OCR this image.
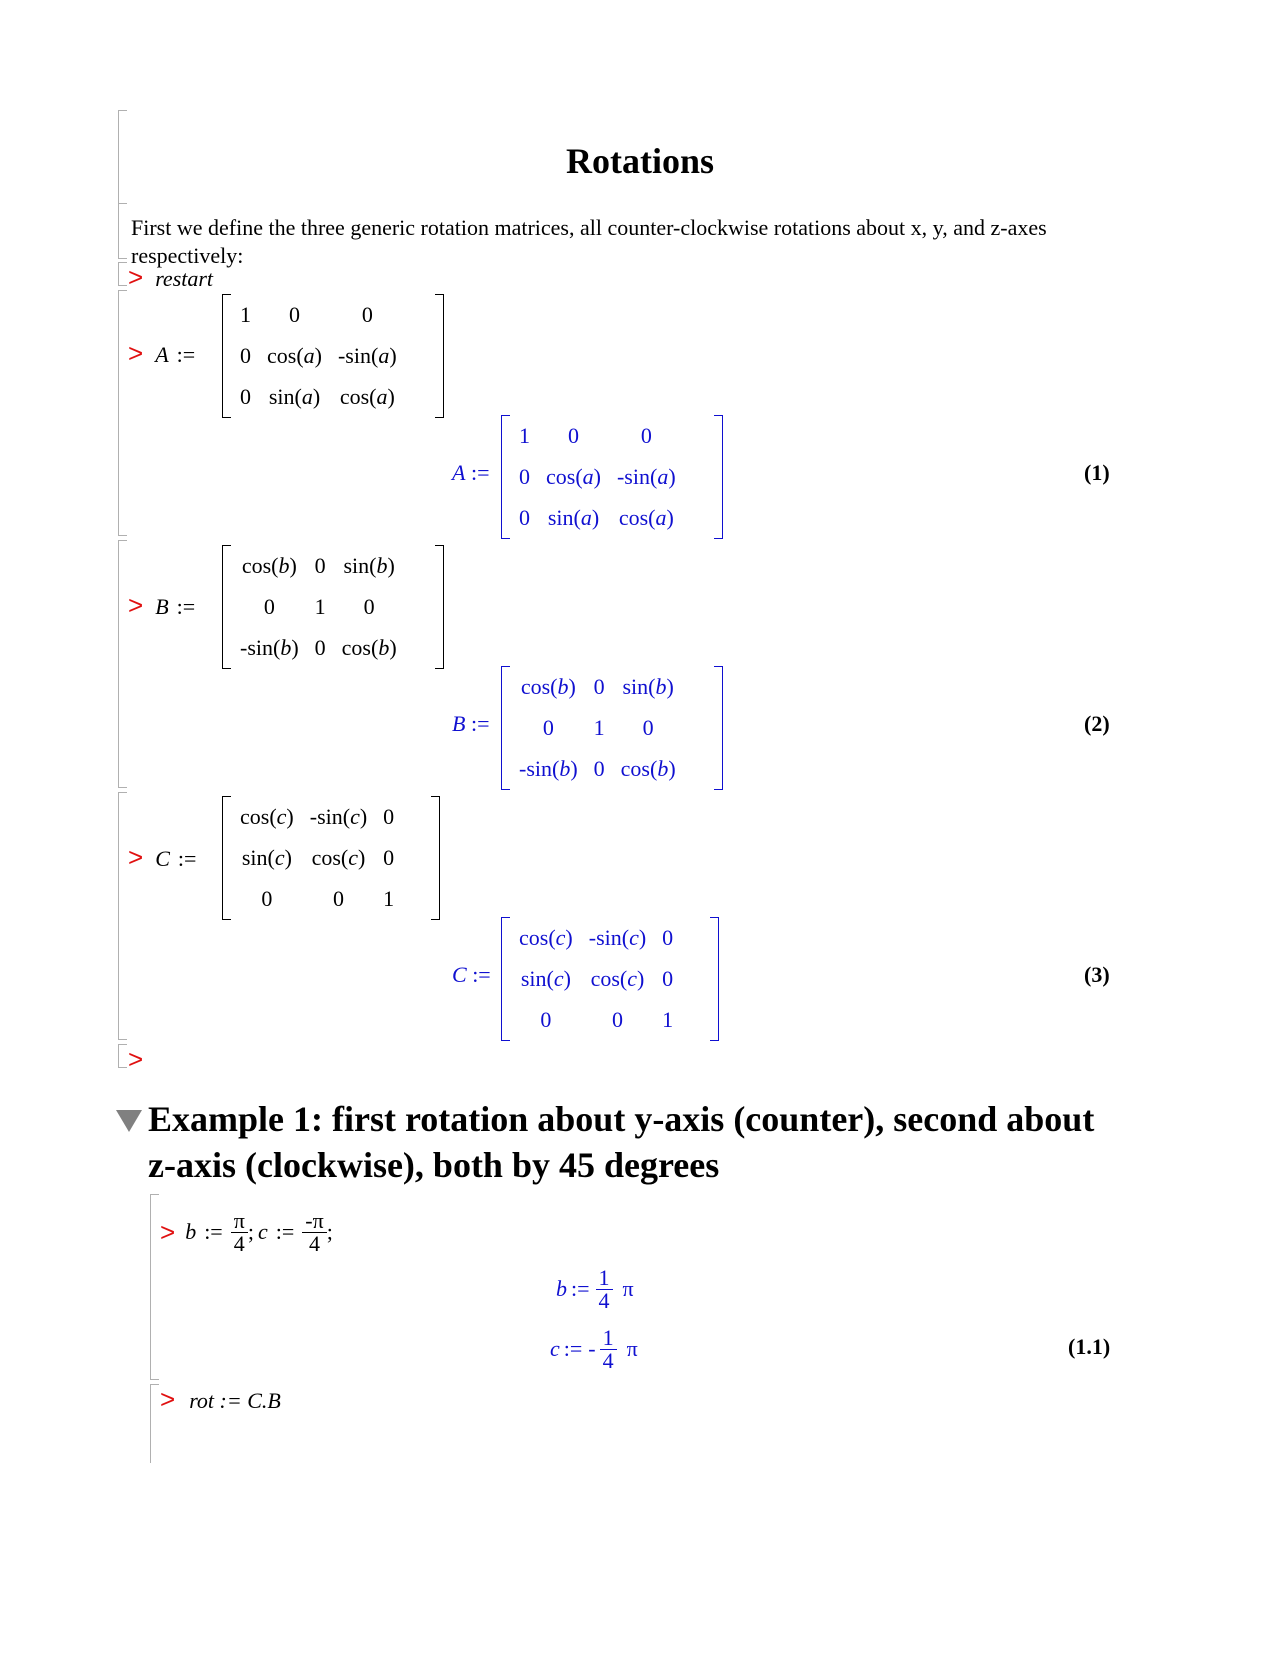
Rotations
First we define the three generic rotation matrices, all counter-clockwise rotations about x, y, and z-axes respectively:
> restart
> A :=
1	0	0
0	cos(a)	-sin(a)
0	sin(a)	cos(a)
A :=
1	0	0
0	cos(a)	-sin(a)
0	sin(a)	cos(a)
(1)
> B :=
cos(b)	0	sin(b)
0	1	0
-sin(b)	0	cos(b)
B :=
cos(b)	0	sin(b)
0	1	0
-sin(b)	0	cos(b)
(2)
> C :=
cos(c)	-sin(c)	0
sin(c)	cos(c)	0
0	0	1
C :=
cos(c)	-sin(c)	0
sin(c)	cos(c)	0
0	0	1
(3)
>
Example 1: first rotation about y-axis (counter), second about z-axis (clockwise), both by 45 degrees
> b := $\frac{\pi}{4}$ ; c := $\frac{-\pi}{4}$ ;
b := $\frac{1}{4}$ π
c := - $\frac{1}{4}$ π	(1.1)
> rot := C.B
